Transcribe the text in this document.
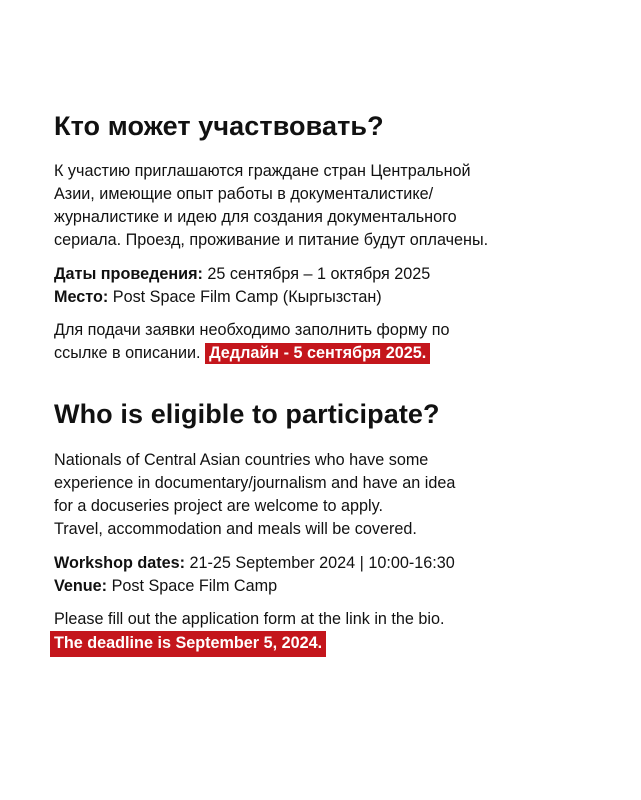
Кто может участвовать?

К участию приглашаются граждане стран Центральной
Азии, имеющие опыт работы в документалистике/
журналистике и идею для создания документального
сериала. Проезд, проживание и питание будут оплачены.

Даты проведения: 25 сентября – 1 октября 2025
Место: Post Space Film Camp (Кыргызстан)

Для подачи заявки необходимо заполнить форму по
ссылке в описании. Дедлайн - 5 сентября 2025.

Who is eligible to participate?

Nationals of Central Asian countries who have some
experience in documentary/journalism and have an idea
for a docuseries project are welcome to apply.
Travel, accommodation and meals will be covered.

Workshop dates: 21-25 September 2024 | 10:00-16:30
Venue: Post Space Film Camp

Please fill out the application form at the link in the bio.
The deadline is September 5, 2024.
